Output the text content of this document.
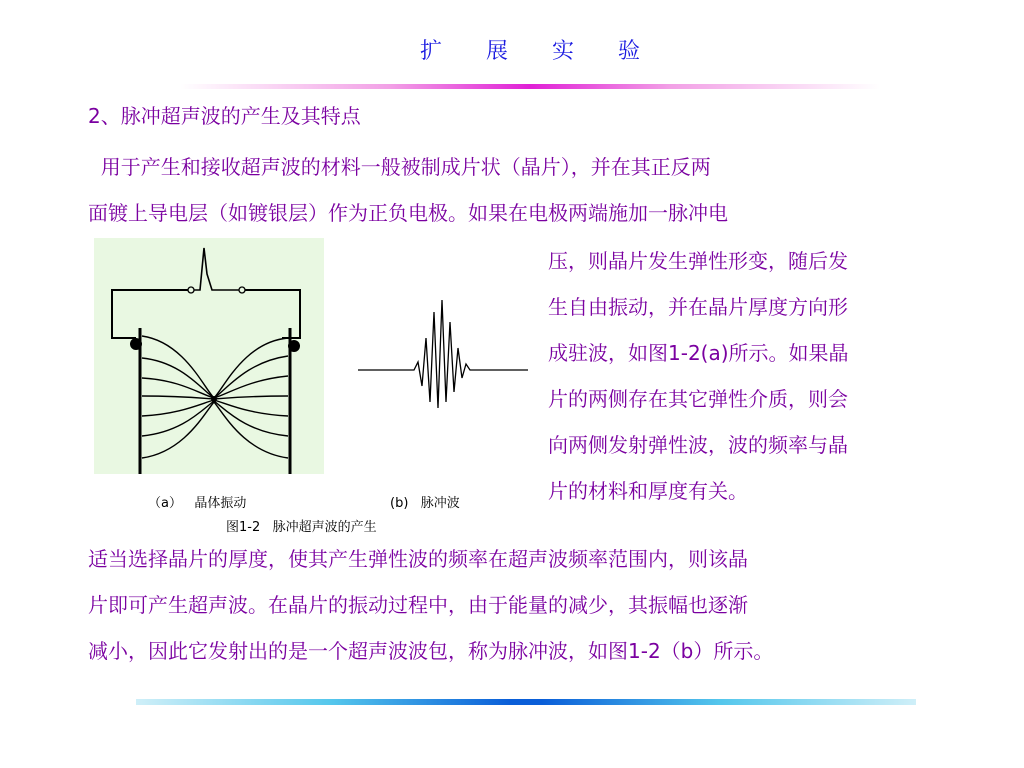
扩 展 实 验
2、脉冲超声波的产生及其特点
用于产生和接收超声波的材料一般被制成片状（晶片），并在其正反两
面镀上导电层（如镀银层）作为正负电极。如果在电极两端施加一脉冲电
（a）   晶体振动	(b)   脉冲波
图1-2   脉冲超声波的产生
压，则晶片发生弹性形变，随后发
生自由振动，并在晶片厚度方向形
成驻波，如图1-2(a)所示。如果晶
片的两侧存在其它弹性介质，则会
向两侧发射弹性波，波的频率与晶
片的材料和厚度有关。
适当选择晶片的厚度，使其产生弹性波的频率在超声波频率范围内，则该晶
片即可产生超声波。在晶片的振动过程中，由于能量的减少，其振幅也逐渐
减小，因此它发射出的是一个超声波波包，称为脉冲波，如图1-2（b）所示。
